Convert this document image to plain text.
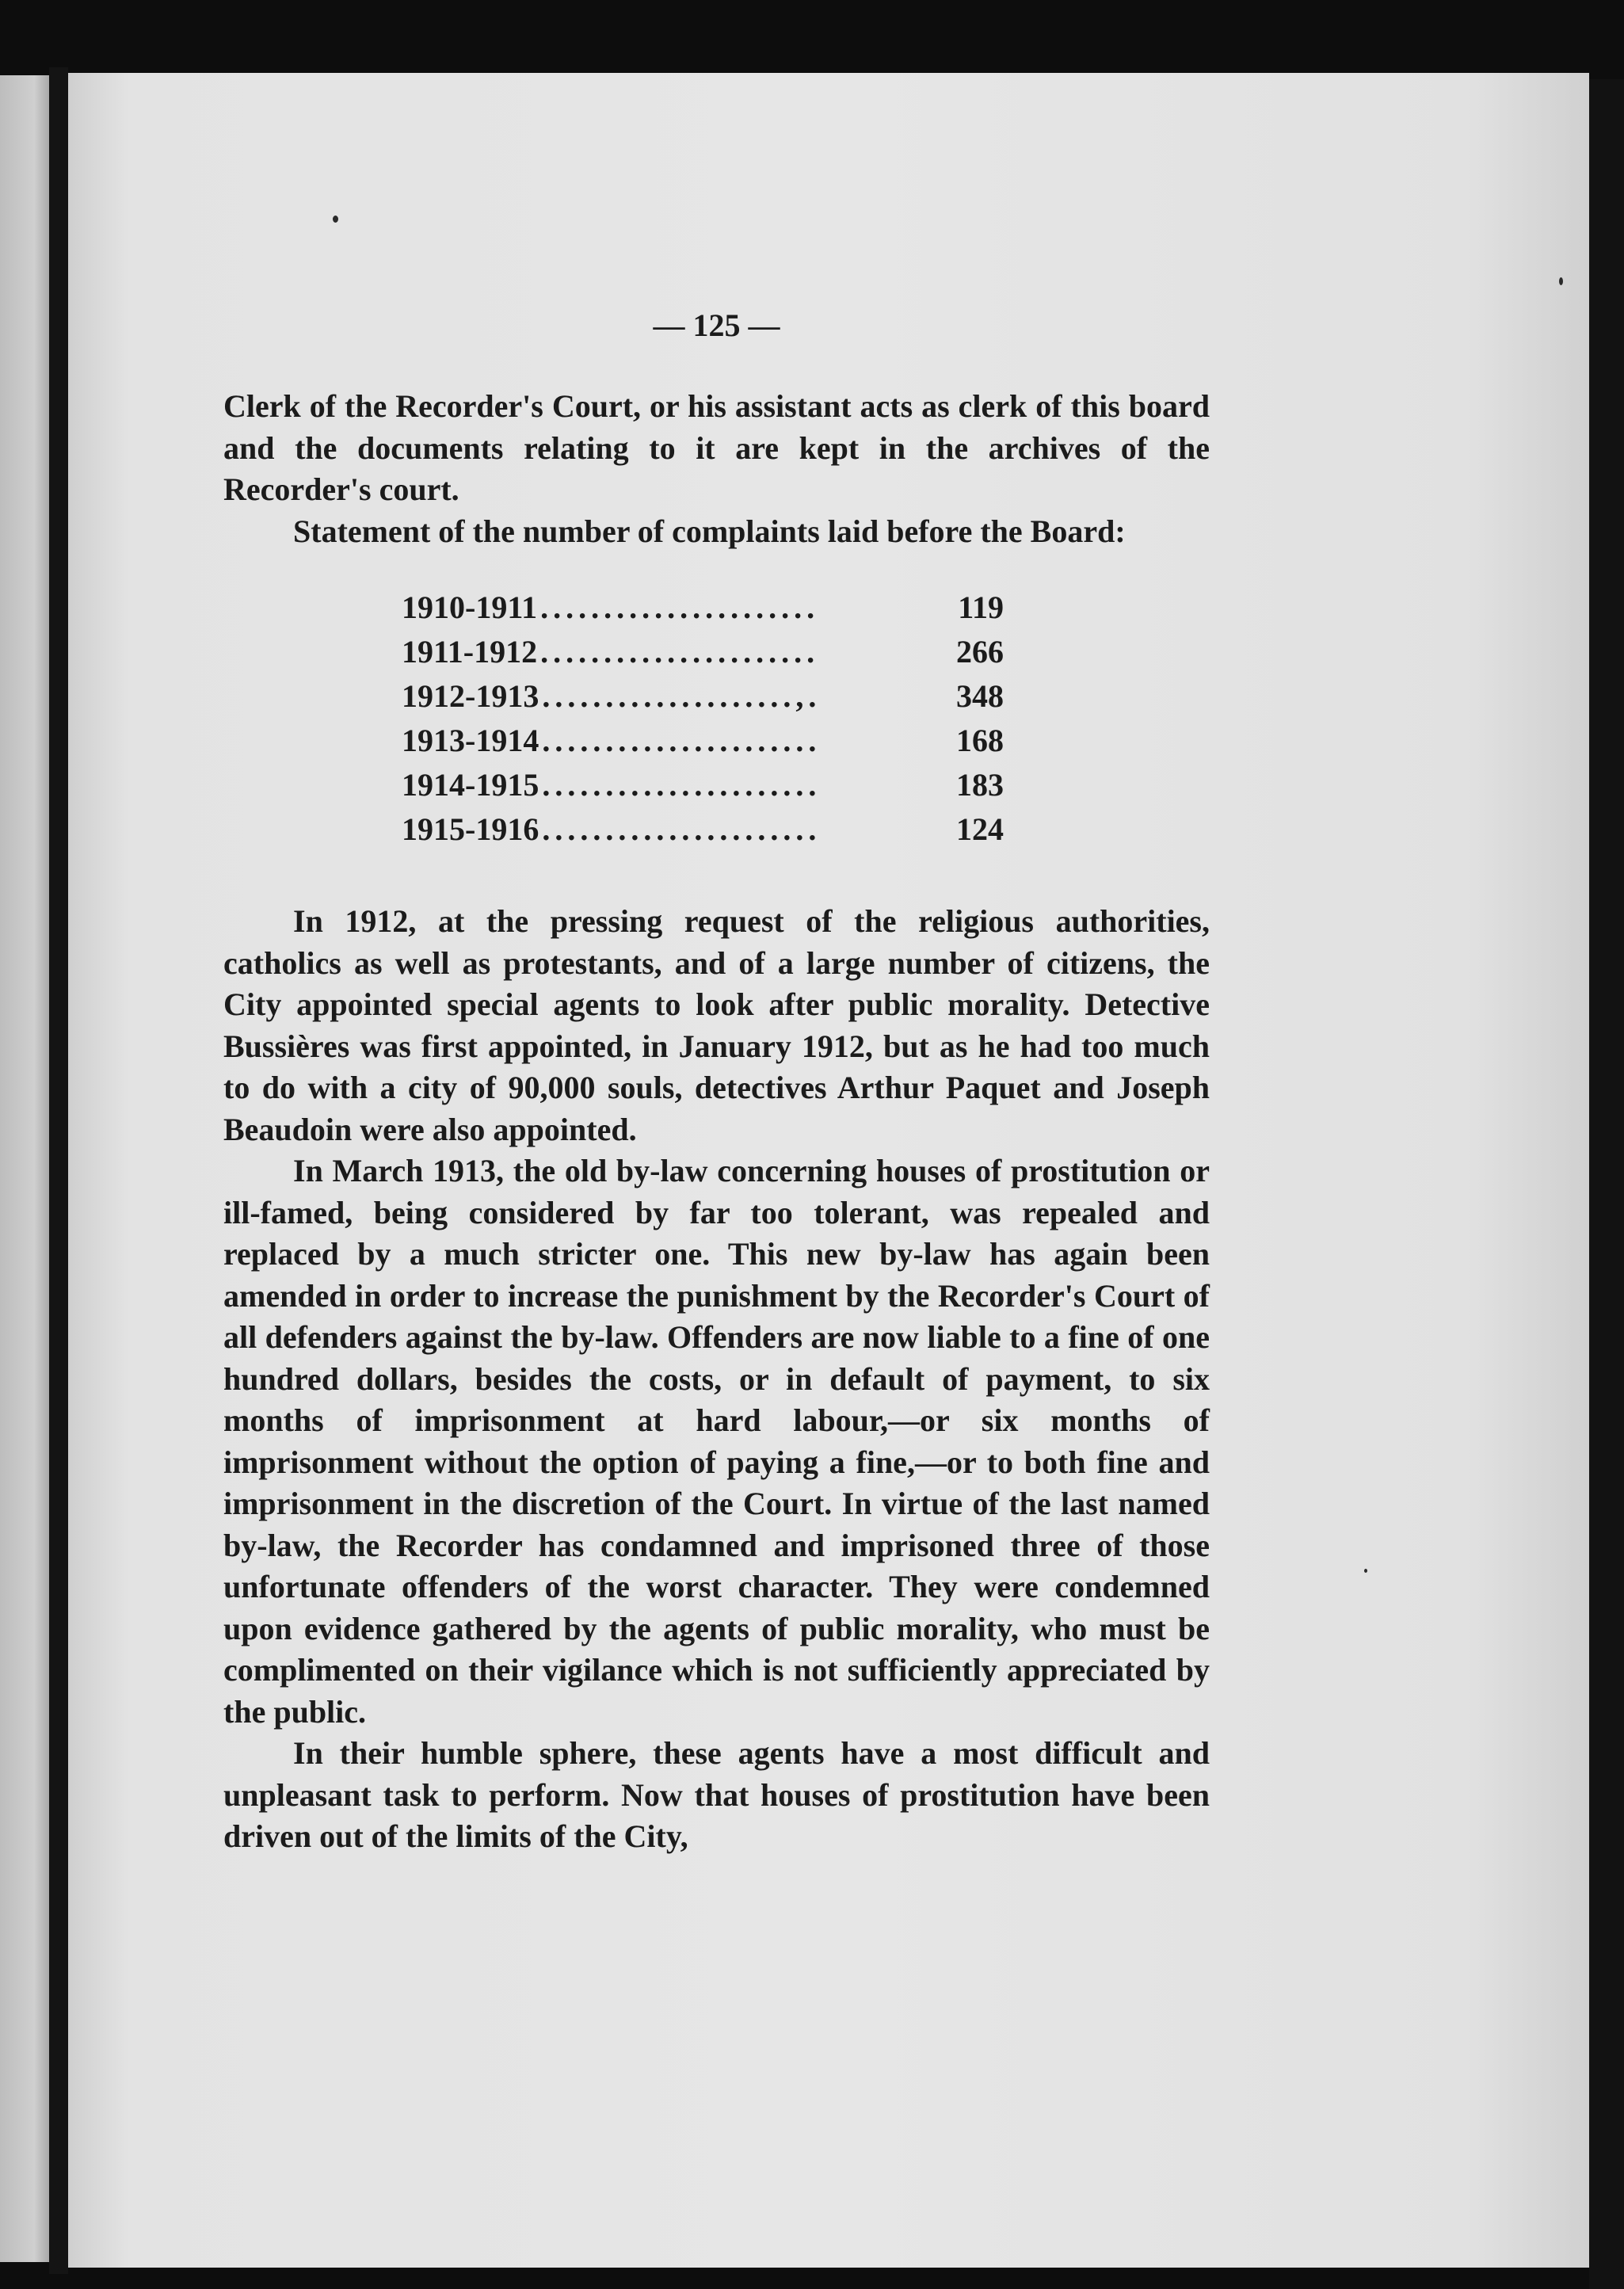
— 125 —

Clerk of the Recorder's Court, or his assistant acts as clerk of this board and the documents relating to it are kept in the archives of the Recorder's court.

Statement of the number of complaints laid before the Board:

1910-1911 ......................	119
1911-1912 ......................	266
1912-1913 ....................,.	348
1913-1914 ......................	168
1914-1915 ......................	183
1915-1916 ......................	124

In 1912, at the pressing request of the religious authorities, catholics as well as protestants, and of a large number of citizens, the City appointed special agents to look after public morality. Detective Bussières was first appointed, in January 1912, but as he had too much to do with a city of 90,000 souls, detectives Arthur Paquet and Joseph Beaudoin were also appointed.

In March 1913, the old by-law concerning houses of prostitution or ill-famed, being considered by far too tolerant, was repealed and replaced by a much stricter one. This new by-law has again been amended in order to increase the punishment by the Recorder's Court of all defenders against the by-law. Offenders are now liable to a fine of one hundred dollars, besides the costs, or in default of payment, to six months of imprisonment at hard labour,—or six months of imprisonment without the option of paying a fine,—or to both fine and imprisonment in the discretion of the Court. In virtue of the last named by-law, the Recorder has condamned and imprisoned three of those unfortunate offenders of the worst character. They were condemned upon evidence gathered by the agents of public morality, who must be complimented on their vigilance which is not sufficiently appreciated by the public.

In their humble sphere, these agents have a most difficult and unpleasant task to perform. Now that houses of prostitution have been driven out of the limits of the City,
